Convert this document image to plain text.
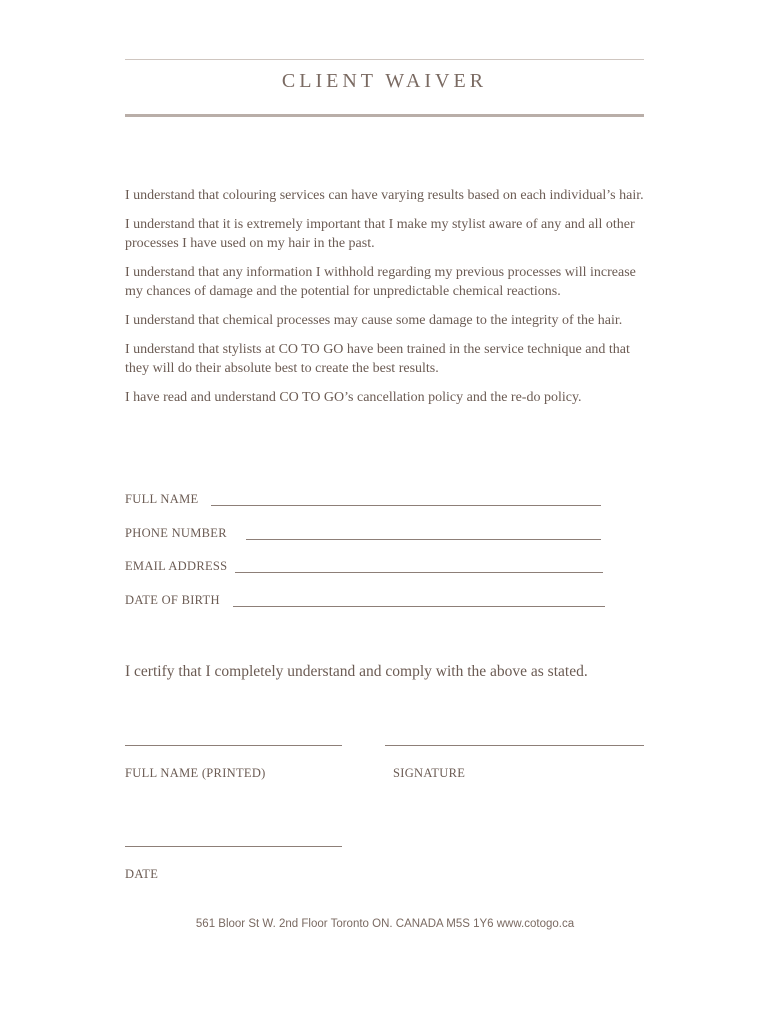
CLIENT WAIVER

I understand that colouring services can have varying results based on each individual’s hair.

I understand that it is extremely important that I make my stylist aware of any and all other processes I have used on my hair in the past.

I understand that any information I withhold regarding my previous processes will increase my chances of damage and the potential for unpredictable chemical reactions.

I understand that chemical processes may cause some damage to the integrity of the hair.

I understand that stylists at CO TO GO have been trained in the service technique and that they will do their absolute best to create the best results.

I have read and understand CO TO GO’s cancellation policy and the re-do policy.

FULL NAME
PHONE NUMBER
EMAIL ADDRESS
DATE OF BIRTH
I certify that I completely understand and comply with the above as stated.
FULL NAME (PRINTED)	SIGNATURE
DATE
561 Bloor St W. 2nd Floor Toronto ON. CANADA M5S 1Y6 www.cotogo.ca
